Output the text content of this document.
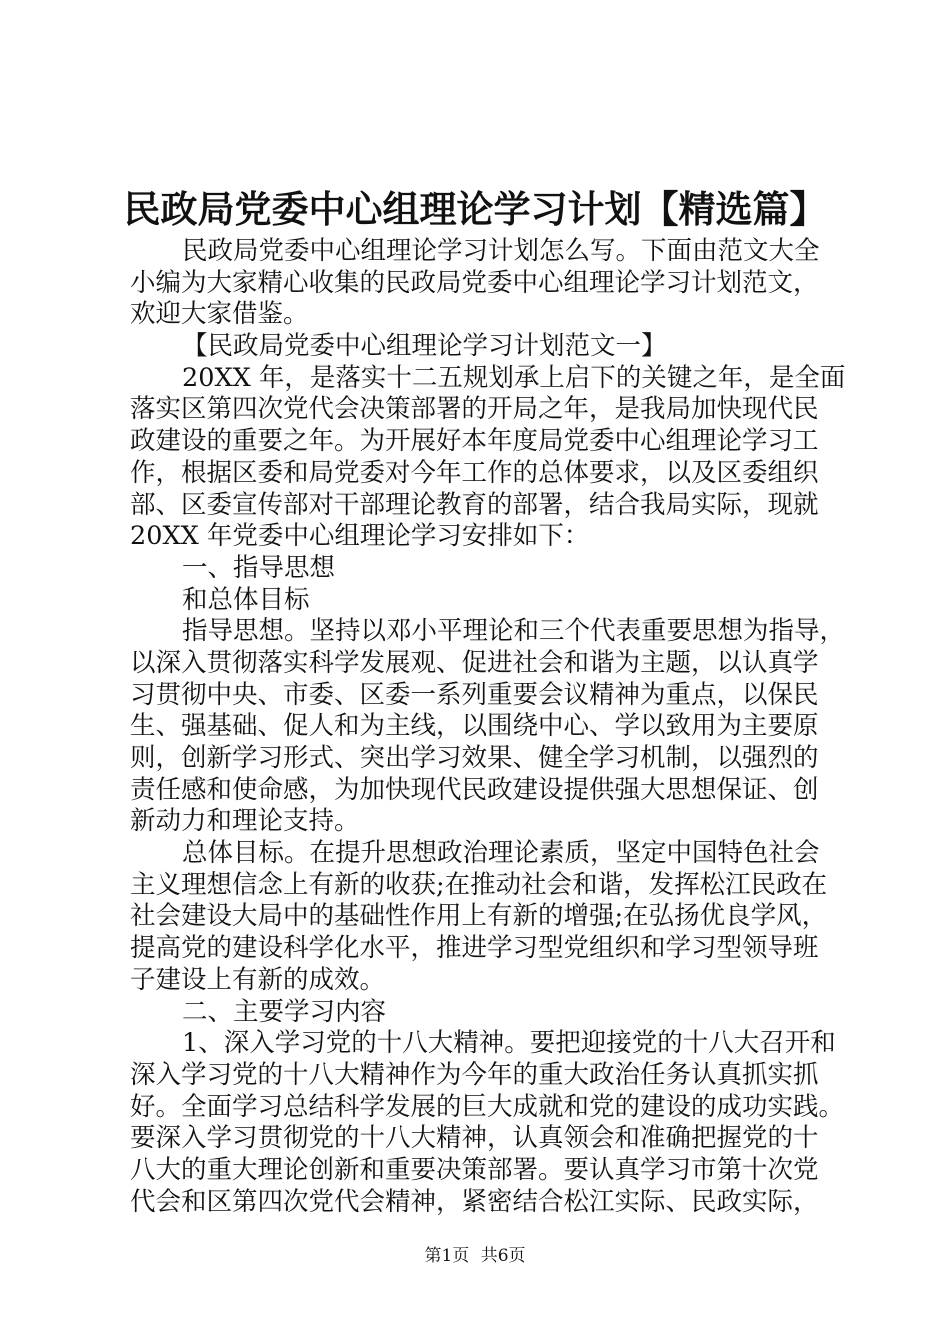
民政局党委中心组理论学习计划【精选篇】
民政局党委中心组理论学习计划怎么写。下面由范文大全
小编为大家精心收集的民政局党委中心组理论学习计划范文，
欢迎大家借鉴。
【民政局党委中心组理论学习计划范文一】
20XX 年，是落实十二五规划承上启下的关键之年，是全面
落实区第四次党代会决策部署的开局之年，是我局加快现代民
政建设的重要之年。为开展好本年度局党委中心组理论学习工
作，根据区委和局党委对今年工作的总体要求，以及区委组织
部、区委宣传部对干部理论教育的部署，结合我局实际，现就
20XX 年党委中心组理论学习安排如下：
一、指导思想
和总体目标
指导思想。坚持以邓小平理论和三个代表重要思想为指导，
以深入贯彻落实科学发展观、促进社会和谐为主题，以认真学
习贯彻中央、市委、区委一系列重要会议精神为重点，以保民
生、强基础、促人和为主线，以围绕中心、学以致用为主要原
则，创新学习形式、突出学习效果、健全学习机制，以强烈的
责任感和使命感，为加快现代民政建设提供强大思想保证、创
新动力和理论支持。
总体目标。在提升思想政治理论素质，坚定中国特色社会
主义理想信念上有新的收获;在推动社会和谐，发挥松江民政在
社会建设大局中的基础性作用上有新的增强;在弘扬优良学风，
提高党的建设科学化水平，推进学习型党组织和学习型领导班
子建设上有新的成效。
二、主要学习内容
1、深入学习党的十八大精神。要把迎接党的十八大召开和
深入学习党的十八大精神作为今年的重大政治任务认真抓实抓
好。全面学习总结科学发展的巨大成就和党的建设的成功实践。
要深入学习贯彻党的十八大精神，认真领会和准确把握党的十
八大的重大理论创新和重要决策部署。要认真学习市第十次党
代会和区第四次党代会精神，紧密结合松江实际、民政实际，
第1页 共6页
